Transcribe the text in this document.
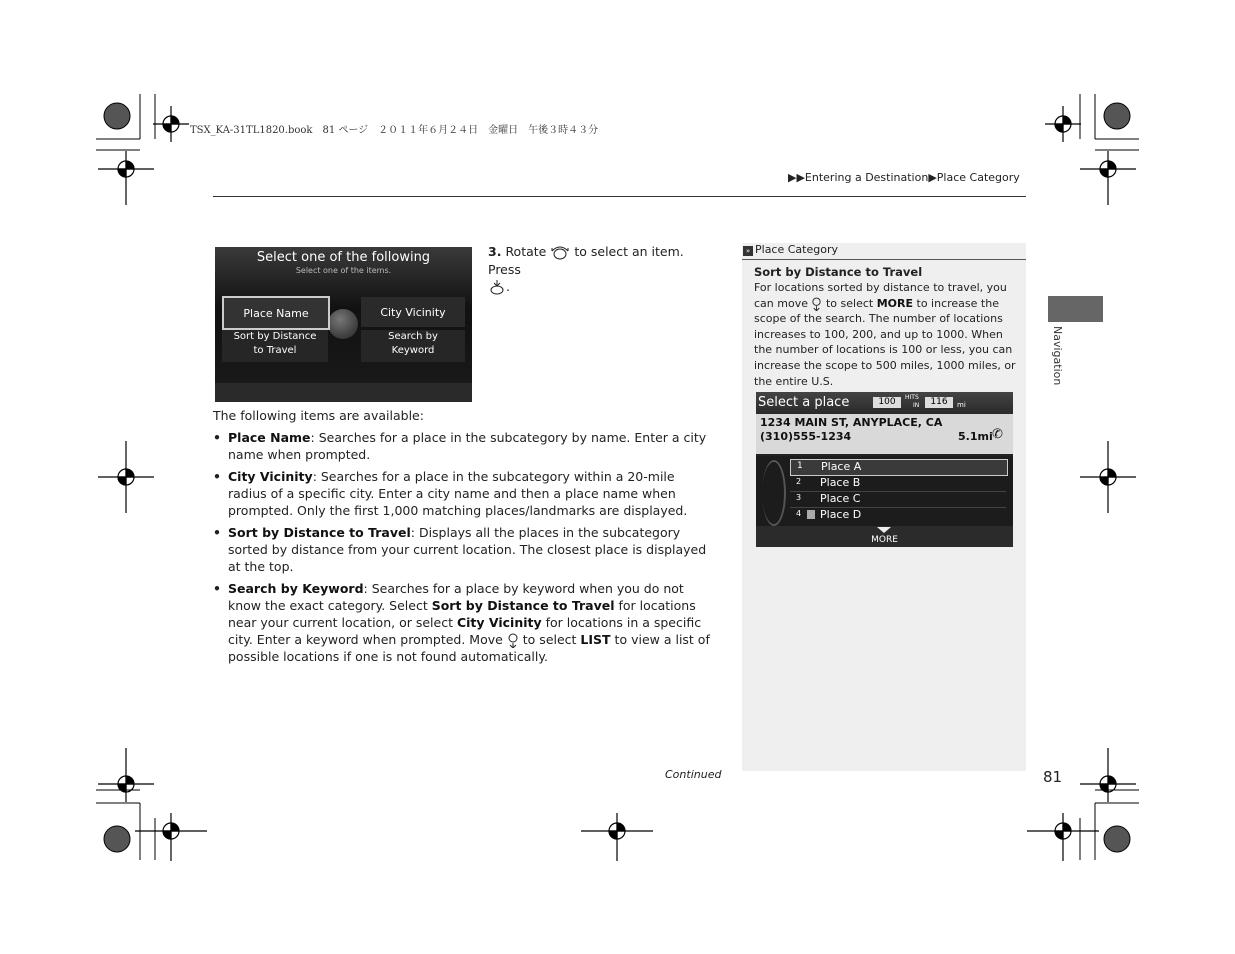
TSX_KA-31TL1820.book　81 ページ　２０１１年６月２４日　金曜日　午後３時４３分
▶▶Entering a Destination▶Place Category
Select one of the following
Select one of the items.
Place Name	City Vicinity
Sort by Distance
to Travel
Search by
Keyword
3. Rotate to select an item. Press
.
The following items are available:
• Place Name: Searches for a place in the subcategory by name. Enter a city name when prompted.
• City Vicinity: Searches for a place in the subcategory within a 20-mile radius of a specific city. Enter a city name and then a place name when prompted. Only the first 1,000 matching places/landmarks are displayed.
• Sort by Distance to Travel: Displays all the places in the subcategory sorted by distance from your current location. The closest place is displayed at the top.
• Search by Keyword: Searches for a place by keyword when you do not know the exact category. Select Sort by Distance to Travel for locations near your current location, or select City Vicinity for locations in a specific city. Enter a keyword when prompted. Move  to select LIST to view a list of possible locations if one is not found automatically.
Continued
» Place Category
Sort by Distance to Travel
For locations sorted by distance to travel, you can move to select MORE to increase the scope of the search. The number of locations increases to 100, 200, and up to 1000. When the number of locations is 100 or less, you can increase the scope to 500 miles, 1000 miles, or the entire U.S.
Select a place	100	HITS
IN	116	mi
1234 MAIN ST, ANYPLACE, CA
(310)555-1234	5.1mi ✆
1 Place A
2 Place B
3 Place C
4 Place D
MORE
Navigation
81
